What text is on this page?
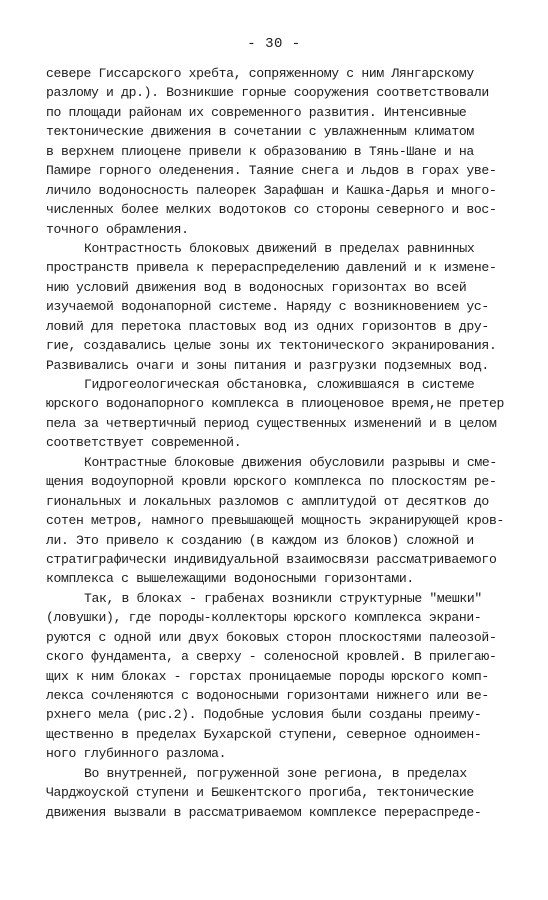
- 30 -
севере Гиссарского хребта, сопряженному с ним Лянгарскому
разлому и др.). Возникшие горные сооружения соответствовали
по площади районам их современного развития. Интенсивные
тектонические движения в сочетании с увлажненным климатом
в верхнем плиоцене привели к образованию в Тянь-Шане и на
Памире горного оледенения. Таяние снега и льдов в горах уве-
личило водоносность палеорек Зарафшан и Кашка-Дарья и много-
численных более мелких водотоков со стороны северного и вос-
точного обрамления.
Контрастность блоковых движений в пределах равнинных
пространств привела к перераспределению давлений и к измене-
нию условий движения вод в водоносных горизонтах во всей
изучаемой водонапорной системе. Наряду с возникновением ус-
ловий для перетока пластовых вод из одних горизонтов в дру-
гие, создавались целые зоны их тектонического экранирования.
Развивались очаги и зоны питания и разгрузки подземных вод.
Гидрогеологическая обстановка, сложившаяся в системе
юрского водонапорного комплекса в плиоценовое время,не претер
пела за четвертичный период существенных изменений и в целом
соответствует современной.
Контрастные блоковые движения обусловили разрывы и сме-
щения водоупорной кровли юрского комплекса по плоскостям ре-
гиональных и локальных разломов с амплитудой от десятков до
сотен метров, намного превышающей мощность экранирующей кров-
ли. Это привело к созданию (в каждом из блоков) сложной и
стратиграфически индивидуальной взаимосвязи рассматриваемого
комплекса с вышележащими водоносными горизонтами.
Так, в блоках - грабенах возникли структурные "мешки"
(ловушки), где породы-коллекторы юрского комплекса экрани-
руются с одной или двух боковых сторон плоскостями палеозой-
ского фундамента, а сверху - соленосной кровлей. В прилегаю-
щих к ним блоках - горстах проницаемые породы юрского комп-
лекса сочленяются с водоносными горизонтами нижнего или ве-
рхнего мела (рис.2). Подобные условия были созданы преиму-
щественно в пределах Бухарской ступени, северное одноимен-
ного глубинного разлома.
Во внутренней, погруженной зоне региона, в пределах
Чарджоуской ступени и Бешкентского прогиба, тектонические
движения вызвали в рассматриваемом комплексе перераспреде-
